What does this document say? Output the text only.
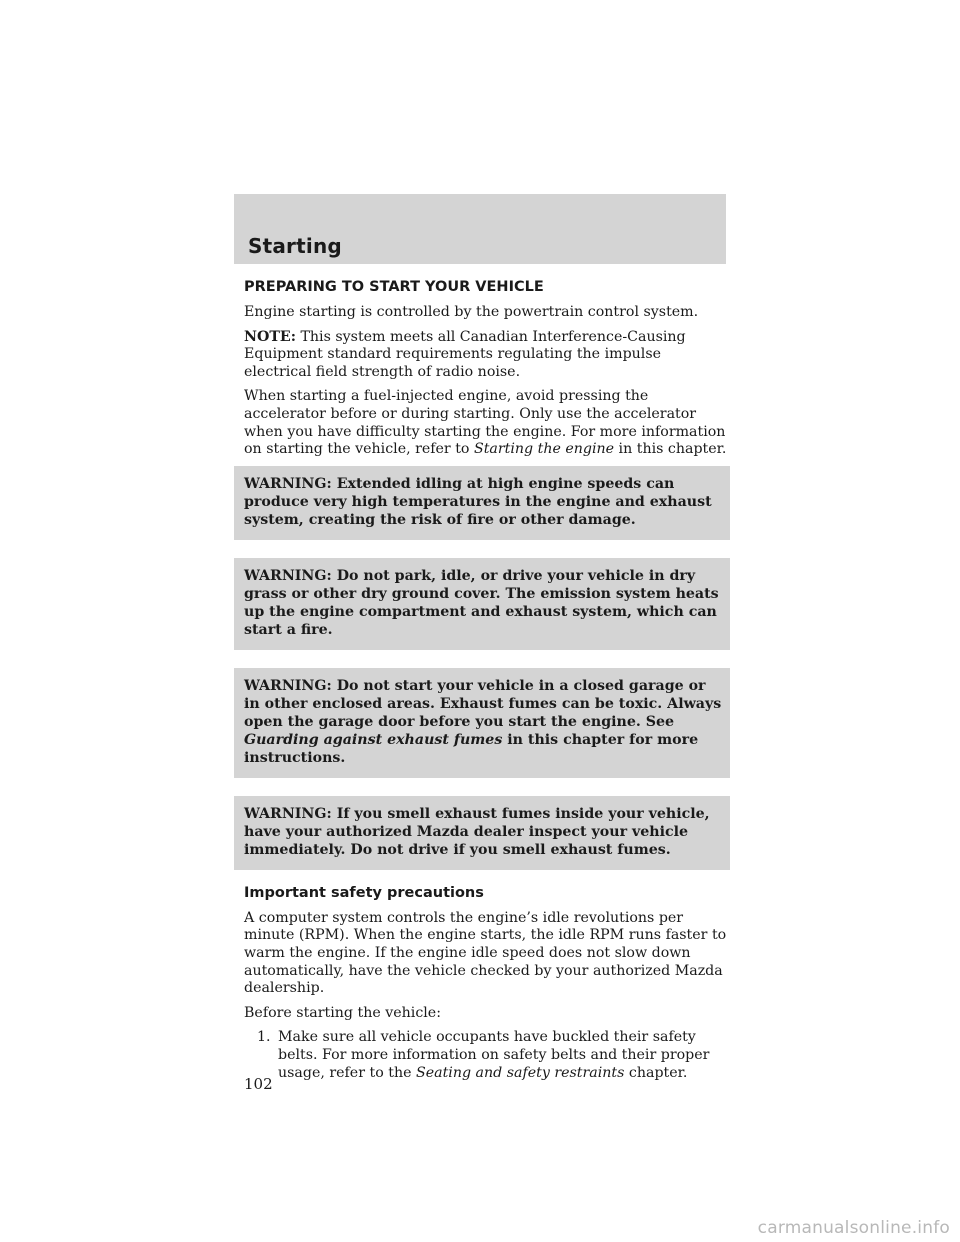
Starting
PREPARING TO START YOUR VEHICLE

Engine starting is controlled by the powertrain control system.

NOTE: This system meets all Canadian Interference-Causing Equipment standard requirements regulating the impulse electrical field strength of radio noise.

When starting a fuel-injected engine, avoid pressing the accelerator before or during starting. Only use the accelerator when you have difficulty starting the engine. For more information on starting the vehicle, refer to Starting the engine in this chapter.

WARNING: Extended idling at high engine speeds can produce very high temperatures in the engine and exhaust system, creating the risk of fire or other damage.
WARNING: Do not park, idle, or drive your vehicle in dry grass or other dry ground cover. The emission system heats up the engine compartment and exhaust system, which can start a fire.
WARNING: Do not start your vehicle in a closed garage or in other enclosed areas. Exhaust fumes can be toxic. Always open the garage door before you start the engine. See Guarding against exhaust fumes in this chapter for more instructions.
WARNING: If you smell exhaust fumes inside your vehicle, have your authorized Mazda dealer inspect your vehicle immediately. Do not drive if you smell exhaust fumes.
Important safety precautions

A computer system controls the engine’s idle revolutions per minute (RPM). When the engine starts, the idle RPM runs faster to warm the engine. If the engine idle speed does not slow down automatically, have the vehicle checked by your authorized Mazda dealership.

Before starting the vehicle:

1. Make sure all vehicle occupants have buckled their safety belts. For more information on safety belts and their proper usage, refer to the Seating and safety restraints chapter.
102
carmanualsonline.info
